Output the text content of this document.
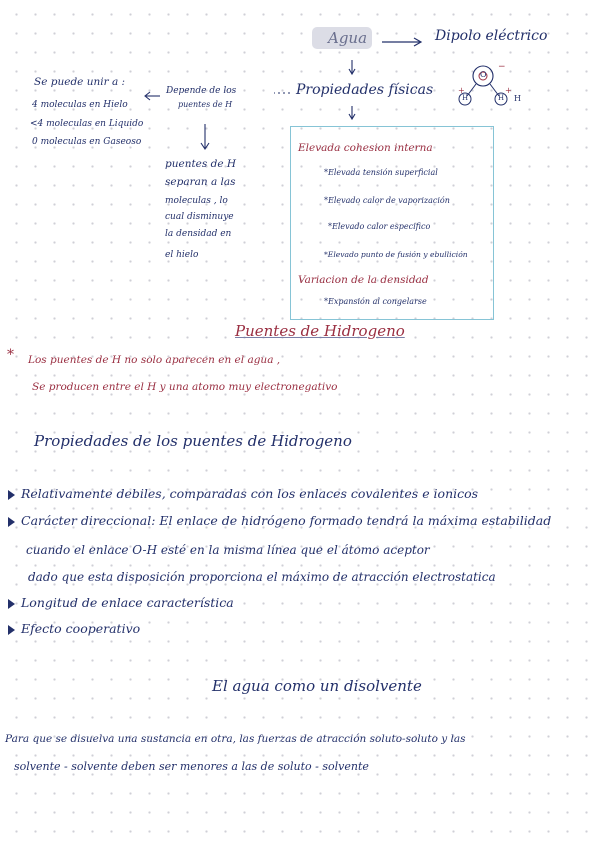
Agua	Dipolo eléctrico
Propiedades físicas
O
H	H H
−
+	+
Se puede unir a :
4 moleculas en Hielo
<4 moleculas en Liquido
0 moleculas en Gaseoso
Depende de los
puentes de H
puentes de H
separan a las
moleculas , lo
cual disminuye
la densidad en
el hielo
Elevada cohesion interna
*Elevada tensión superficial
*Elevado calor de vaporización
*Elevado calor especifico
*Elevado punto de fusión y ebullición
Variacion de la densidad
*Expansión al congelarse
Puentes de Hidrogeno
* Los puentes de H no solo aparecen en el agua ,
Se producen entre el H y una atomo muy electronegativo
Propiedades de los puentes de Hidrogeno
Relativamente debiles, comparadas con los enlaces covalentes e ionicos
Carácter direccional: El enlace de hidrógeno formado tendrá la máxima estabilidad
cuando el enlace O-H esté en la misma línea que el átomo aceptor
dado que esta disposición proporciona el máximo de atracción electrostatica
Longitud de enlace característica
Efecto cooperativo
El agua como un disolvente
Para que se disuelva una sustancia en otra, las fuerzas de atracción soluto-soluto y las
solvente - solvente deben ser menores a las de soluto - solvente
